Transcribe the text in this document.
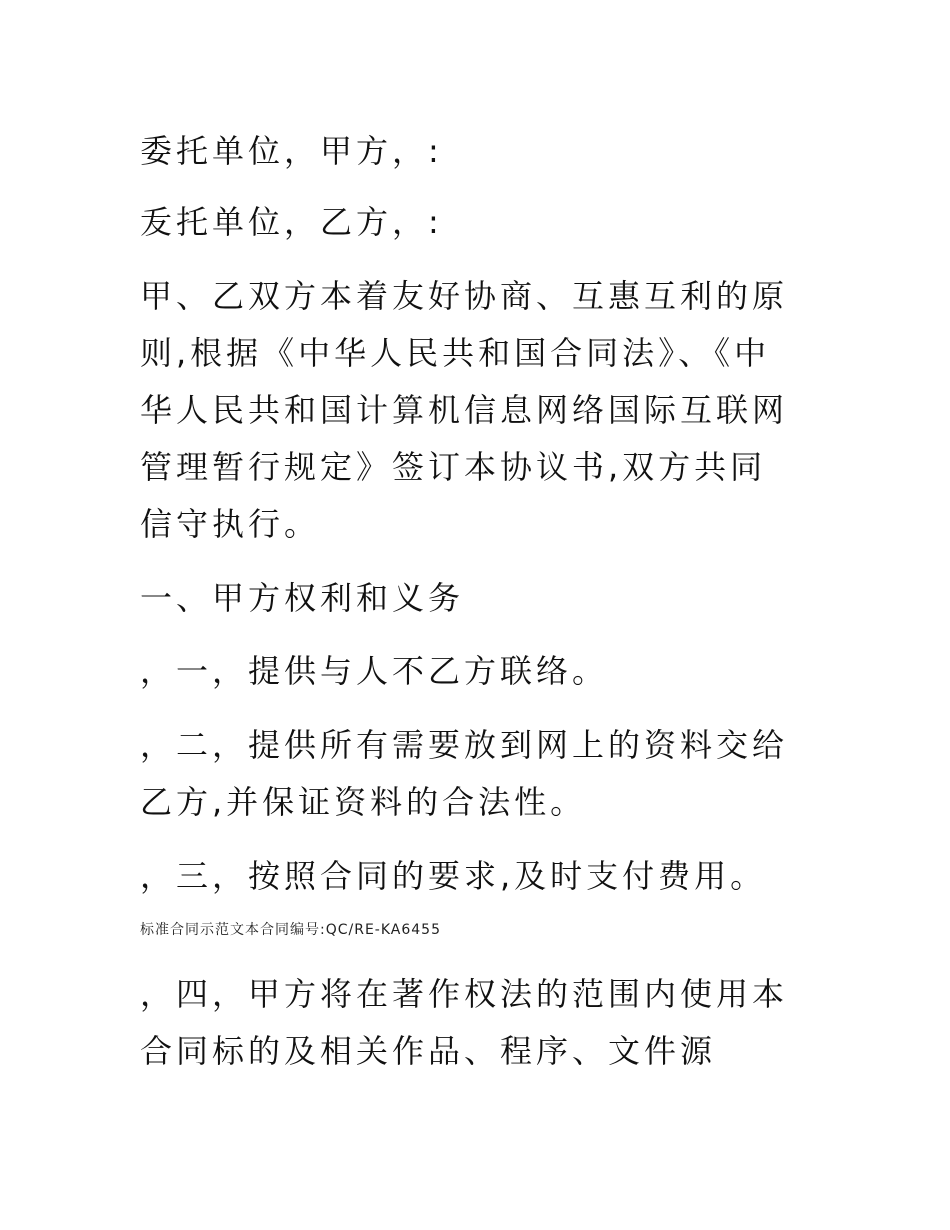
委托单位，甲方，:

叐托单位，乙方，:

甲、乙双方本着友好协商、互惠互利的原则,根据《中华人民共和国合同法》、《中华人民共和国计算机信息网络国际互联网管理暂行规定》签订本协议书,双方共同信守执行。

一、甲方权利和义务

，一，提供与人不乙方联络。

，二，提供所有需要放到网上的资料交给乙方,并保证资料的合法性。

，三，按照合同的要求,及时支付费用。

标准合同示范文本合同编号:QC/RE-KA6455

，四，甲方将在著作权法的范围内使用本合同标的及相关作品、程序、文件源
